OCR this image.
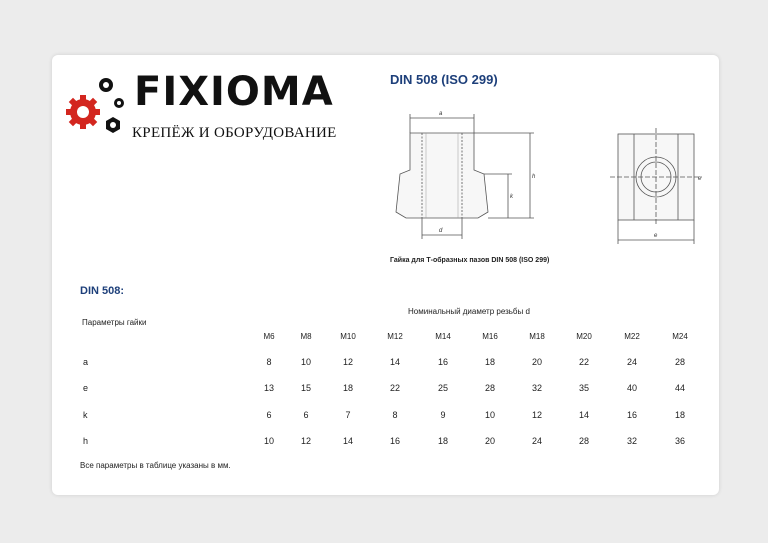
FIXIOMA
КРЕПЁЖ И ОБОРУДОВАНИЕ
DIN 508 (ISO 299)
a
d
h
k
e
e
Гайка для Т-образных пазов DIN 508 (ISO 299)
DIN 508:
Номинальный диаметр резьбы d
Параметры гайки
M6	M8	M10	M12	M14	M16	M18	M20	M22	M24
a	8	10	12	14	16	18	20	22	24	28
e	13	15	18	22	25	28	32	35	40	44
k	6	6	7	8	9	10	12	14	16	18
h	10	12	14	16	18	20	24	28	32	36
Все параметры в таблице указаны в мм.
